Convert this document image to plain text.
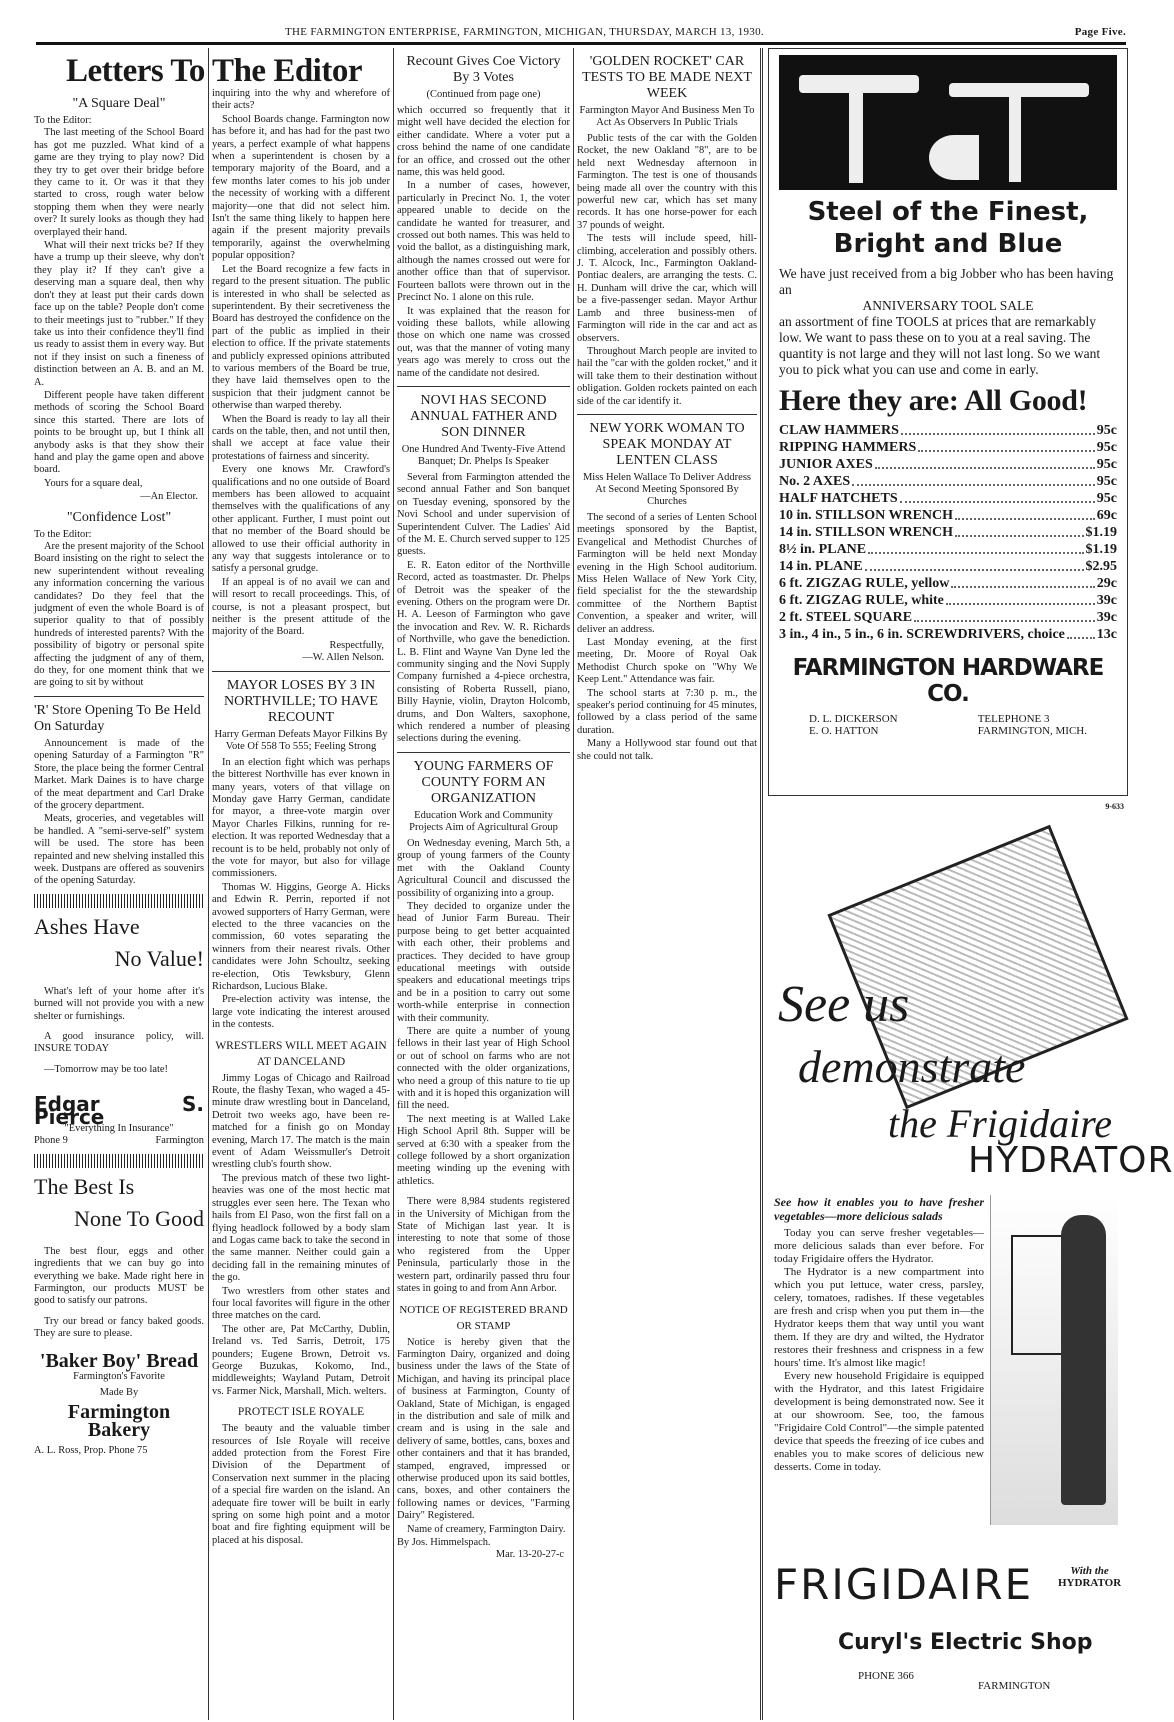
THE FARMINGTON ENTERPRISE, FARMINGTON, MICHIGAN, THURSDAY, MARCH 13, 1930.	Page Five.
Letters To The Editor
"A Square Deal"
To the Editor:

The last meeting of the School Board has got me puzzled. What kind of a game are they trying to play now? Did they try to get over their bridge before they came to it. Or was it that they started to cross, rough water below stopping them when they were nearly over? It surely looks as though they had overplayed their hand.

What will their next tricks be? If they have a trump up their sleeve, why don't they play it? If they can't give a deserving man a square deal, then why don't they at least put their cards down face up on the table? People don't come to their meetings just to "rubber." If they take us into their confidence they'll find us ready to assist them in every way. But not if they insist on such a fineness of distinction between an A. B. and an M. A.

Different people have taken different methods of scoring the School Board since this started. There are lots of points to be brought up, but I think all anybody asks is that they show their hand and play the game open and above board.

Yours for a square deal,

—An Elector.
"Confidence Lost"
To the Editor:

Are the present majority of the School Board insisting on the right to select the new superintendent without revealing any information concerning the various candidates? Do they feel that the judgment of even the whole Board is of superior quality to that of possibly hundreds of interested parents? With the possibility of bigotry or personal spite affecting the judgment of any of them, do they, for one moment think that we are going to sit by without

'R' Store Opening To Be Held On Saturday

Announcement is made of the opening Saturday of a Farmington "R" Store, the place being the former Central Market. Mark Daines is to have charge of the meat department and Carl Drake of the grocery department.

Meats, groceries, and vegetables will be handled. A "semi-serve-self" system will be used. The store has been repainted and new shelving installed this week. Dustpans are offered as souvenirs of the opening Saturday.

Ashes Have
No Value!

What's left of your home after it's burned will not provide you with a new shelter or furnishings.

A good insurance policy, will. INSURE TODAY

—Tomorrow may be too late!

Edgar S. Pierce
"Everything In Insurance"
Phone 9	Farmington
The Best Is
None To Good

The best flour, eggs and other ingredients that we can buy go into everything we bake. Made right here in Farmington, our products MUST be good to satisfy our patrons.

Try our bread or fancy baked goods. They are sure to please.

'Baker Boy' Bread
Farmington's Favorite
Made By
Farmington
Bakery
A. L. Ross, Prop. Phone 75

inquiring into the why and wherefore of their acts?

School Boards change. Farmington now has before it, and has had for the past two years, a perfect example of what happens when a superintendent is chosen by a temporary majority of the Board, and a few months later comes to his job under the necessity of working with a different majority—one that did not select him. Isn't the same thing likely to happen here again if the present majority prevails temporarily, against the overwhelming popular opposition?

Let the Board recognize a few facts in regard to the present situation. The public is interested in who shall be selected as superintendent. By their secretiveness the Board has destroyed the confidence on the part of the public as implied in their election to office. If the private statements and publicly expressed opinions attributed to various members of the Board be true, they have laid themselves open to the suspicion that their judgment cannot be otherwise than warped thereby.

When the Board is ready to lay all their cards on the table, then, and not until then, shall we accept at face value their protestations of fairness and sincerity.

Every one knows Mr. Crawford's qualifications and no one outside of Board members has been allowed to acquaint themselves with the qualifications of any other applicant. Further, I must point out that no member of the Board should be allowed to use their official authority in any way that suggests intolerance or to satisfy a personal grudge.

If an appeal is of no avail we can and will resort to recall proceedings. This, of course, is not a pleasant prospect, but neither is the present attitude of the majority of the Board.

Respectfully,
—W. Allen Nelson.
MAYOR LOSES BY 3 IN NORTHVILLE; TO HAVE RECOUNT
Harry German Defeats Mayor Filkins By Vote Of 558 To 555; Feeling Strong

In an election fight which was perhaps the bitterest Northville has ever known in many years, voters of that village on Monday gave Harry German, candidate for mayor, a three-vote margin over Mayor Charles Filkins, running for re-election. It was reported Wednesday that a recount is to be held, probably not only of the vote for mayor, but also for village commissioners.

Thomas W. Higgins, George A. Hicks and Edwin R. Perrin, reported if not avowed supporters of Harry German, were elected to the three vacancies on the commission, 60 votes separating the winners from their nearest rivals. Other candidates were John Schoultz, seeking re-election, Otis Tewksbury, Glenn Richardson, Lucious Blake.

Pre-election activity was intense, the large vote indicating the interest aroused in the contests.

WRESTLERS WILL MEET AGAIN AT DANCELAND

Jimmy Logas of Chicago and Railroad Route, the flashy Texan, who waged a 45-minute draw wrestling bout in Danceland, Detroit two weeks ago, have been re-matched for a finish go on Monday evening, March 17. The match is the main event of Adam Weissmuller's Detroit wrestling club's fourth show.

The previous match of these two light-heavies was one of the most hectic mat struggles ever seen here. The Texan who hails from El Paso, won the first fall on a flying headlock followed by a body slam and Logas came back to take the second in the same manner. Neither could gain a deciding fall in the remaining minutes of the go.

Two wrestlers from other states and four local favorites will figure in the other three matches on the card.

The other are, Pat McCarthy, Dublin, Ireland vs. Ted Sarris, Detroit, 175 pounders; Eugene Brown, Detroit vs. George Buzukas, Kokomo, Ind., middleweights; Wayland Putam, Detroit vs. Farmer Nick, Marshall, Mich. welters.

PROTECT ISLE ROYALE

The beauty and the valuable timber resources of Isle Royale will receive added protection from the Forest Fire Division of the Department of Conservation next summer in the placing of a special fire warden on the island. An adequate fire tower will be built in early spring on some high point and a motor boat and fire fighting equipment will be placed at his disposal.

Recount Gives Coe Victory By 3 Votes
(Continued from page one)

which occurred so frequently that it might well have decided the election for either candidate. Where a voter put a cross behind the name of one candidate for an office, and crossed out the other name, this was held good.

In a number of cases, however, particularly in Precinct No. 1, the voter appeared unable to decide on the candidate he wanted for treasurer, and crossed out both names. This was held to void the ballot, as a distinguishing mark, although the names crossed out were for another office than that of supervisor. Fourteen ballots were thrown out in the Precinct No. 1 alone on this rule.

It was explained that the reason for voiding these ballots, while allowing those on which one name was crossed out, was that the manner of voting many years ago was merely to cross out the name of the candidate not desired.

NOVI HAS SECOND ANNUAL FATHER AND SON DINNER
One Hundred And Twenty-Five Attend Banquet; Dr. Phelps Is Speaker

Several from Farmington attended the second annual Father and Son banquet on Tuesday evening, sponsored by the Novi School and under supervision of Superintendent Culver. The Ladies' Aid of the M. E. Church served supper to 125 guests.

E. R. Eaton editor of the Northville Record, acted as toastmaster. Dr. Phelps of Detroit was the speaker of the evening. Others on the program were Dr. H. A. Leeson of Farmington who gave the invocation and Rev. W. R. Richards of Northville, who gave the benediction. L. B. Flint and Wayne Van Dyne led the community singing and the Novi Supply Company furnished a 4-piece orchestra, consisting of Roberta Russell, piano, Billy Haynie, violin, Drayton Holcomb, drums, and Don Walters, saxophone, which rendered a number of pleasing selections during the evening.

YOUNG FARMERS OF COUNTY FORM AN ORGANIZATION
Education Work and Community Projects Aim of Agricultural Group

On Wednesday evening, March 5th, a group of young farmers of the County met with the Oakland County Agricultural Council and discussed the possibility of organizing into a group.

They decided to organize under the head of Junior Farm Bureau. Their purpose being to get better acquainted with each other, their problems and practices. They decided to have group educational meetings with outside speakers and educational meetings trips and be in a position to carry out some worth-while enterprise in connection with their community.

There are quite a number of young fellows in their last year of High School or out of school on farms who are not connected with the older organizations, who need a group of this nature to tie up with and it is hoped this organization will fill the need.

The next meeting is at Walled Lake High School April 8th. Supper will be served at 6:30 with a speaker from the college followed by a short organization meeting winding up the evening with athletics.

There were 8,984 students registered in the University of Michigan from the State of Michigan last year. It is interesting to note that some of those who registered from the Upper Peninsula, particularly those in the western part, ordinarily passed thru four states in going to and from Ann Arbor.

NOTICE OF REGISTERED BRAND OR STAMP

Notice is hereby given that the Farmington Dairy, organized and doing business under the laws of the State of Michigan, and having its principal place of business at Farmington, County of Oakland, State of Michigan, is engaged in the distribution and sale of milk and cream and is using in the sale and delivery of same, bottles, cans, boxes and other containers and that it has branded, stamped, engraved, impressed or otherwise produced upon its said bottles, cans, boxes, and other containers the following names or devices, "Farming Dairy" Registered.

Name of creamery, Farmington Dairy.

By Jos. Himmelspach.
Mar. 13-20-27-c
'GOLDEN ROCKET' CAR TESTS TO BE MADE NEXT WEEK
Farmington Mayor And Business Men To Act As Observers In Public Trials

Public tests of the car with the Golden Rocket, the new Oakland "8", are to be held next Wednesday afternoon in Farmington. The test is one of thousands being made all over the country with this powerful new car, which has set many records. It has one horse-power for each 37 pounds of weight.

The tests will include speed, hill-climbing, acceleration and possibly others. J. T. Alcock, Inc., Farmington Oakland-Pontiac dealers, are arranging the tests. C. H. Dunham will drive the car, which will be a five-passenger sedan. Mayor Arthur Lamb and three business-men of Farmington will ride in the car and act as observers.

Throughout March people are invited to hail the "car with the golden rocket," and it will take them to their destination without obligation. Golden rockets painted on each side of the car identify it.

NEW YORK WOMAN TO SPEAK MONDAY AT LENTEN CLASS
Miss Helen Wallace To Deliver Address At Second Meeting Sponsored By Churches

The second of a series of Lenten School meetings sponsored by the Baptist, Evangelical and Methodist Churches of Farmington will be held next Monday evening in the High School auditorium. Miss Helen Wallace of New York City, field specialist for the the stewardship committee of the Northern Baptist Convention, a speaker and writer, will deliver an address.

Last Monday evening, at the first meeting, Dr. Moore of Royal Oak Methodist Church spoke on "Why We Keep Lent." Attendance was fair.

The school starts at 7:30 p. m., the speaker's period continuing for 45 minutes, followed by a class period of the same duration.

Many a Hollywood star found out that she could not talk.

Steel of the Finest,
Bright and Blue
We have just received from a big Jobber who has been having an
ANNIVERSARY TOOL SALE
an assortment of fine TOOLS at prices that are remarkably low. We want to pass these on to you at a real saving. The quantity is not large and they will not last long. So we want you to pick what you can use and come in early.
Here they are: All Good!
CLAW HAMMERS	95c
RIPPING HAMMERS	95c
JUNIOR AXES	95c
No. 2 AXES	95c
HALF HATCHETS	95c
10 in. STILLSON WRENCH	69c
14 in. STILLSON WRENCH	$1.19
8½ in. PLANE	$1.19
14 in. PLANE	$2.95
6 ft. ZIGZAG RULE, yellow	29c
6 ft. ZIGZAG RULE, white	39c
2 ft. STEEL SQUARE	39c
3 in., 4 in., 5 in., 6 in. SCREWDRIVERS, choice 13c
FARMINGTON HARDWARE CO.
D. L. DICKERSON
E. O. HATTON
TELEPHONE 3
FARMINGTON, MICH.
9-633
See us
demonstrate
the Frigidaire
HYDRATOR

See how it enables you to have fresher vegetables—more delicious salads

Today you can serve fresher vegetables—more delicious salads than ever before. For today Frigidaire offers the Hydrator.

The Hydrator is a new compartment into which you put lettuce, water cress, parsley, celery, tomatoes, radishes. If these vegetables are fresh and crisp when you put them in—the Hydrator keeps them that way until you want them. If they are dry and wilted, the Hydrator restores their freshness and crispness in a few hours' time. It's almost like magic!

Every new household Frigidaire is equipped with the Hydrator, and this latest Frigidaire development is being demonstrated now. See it at our showroom. See, too, the famous "Frigidaire Cold Control"—the simple patented device that speeds the freezing of ice cubes and enables you to make scores of delicious new desserts. Come in today.

FRIGIDAIRE	With the
HYDRATOR
Curyl's Electric Shop
PHONE 366
FARMINGTON
